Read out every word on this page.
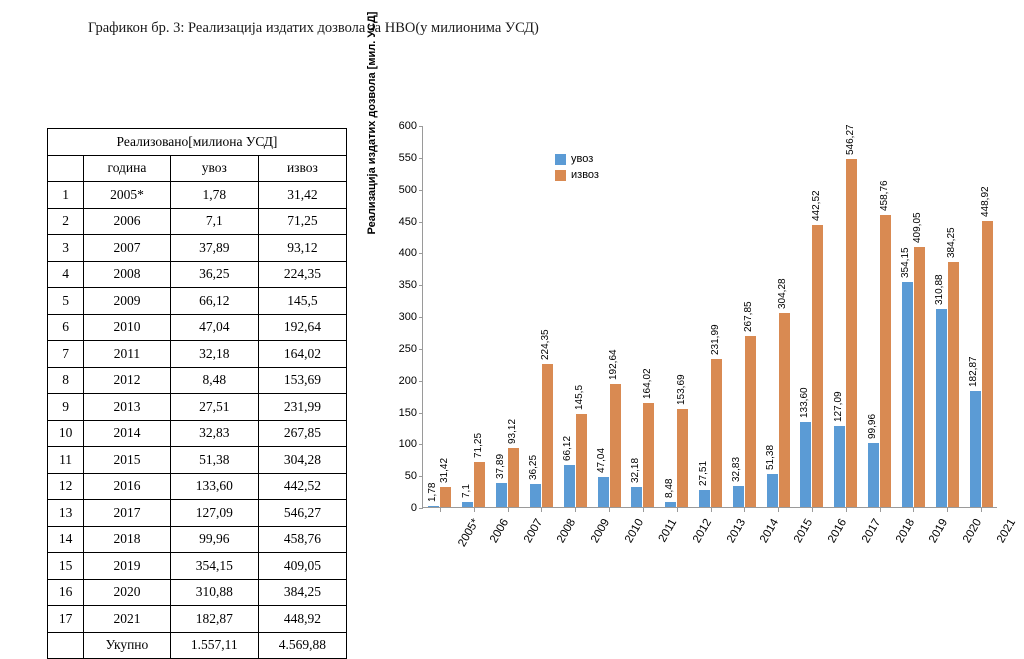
Графикон бр. 3: Реализација издатих дозвола за НВО(у милионима УСД)
Реализовано[милиона УСД]			
	година	увоз	извоз
1	2005*	1,78	31,42
2	2006	7,1	71,25
3	2007	37,89	93,12
4	2008	36,25	224,35
5	2009	66,12	145,5
6	2010	47,04	192,64
7	2011	32,18	164,02
8	2012	8,48	153,69
9	2013	27,51	231,99
10	2014	32,83	267,85
11	2015	51,38	304,28
12	2016	133,60	442,52
13	2017	127,09	546,27
14	2018	99,96	458,76
15	2019	354,15	409,05
16	2020	310,88	384,25
17	2021	182,87	448,92
	Укупно	1.557,11	4.569,88
Реализација издатих дозвола [мил. УСД]
0
50
100
150
200
250
300
350
400
450
500
550
600
1,78
31,42
2005*
7,1
71,25
2006
37,89
93,12
2007
36,25
224,35
2008
66,12
145,5
2009
47,04
192,64
2010
32,18
164,02
2011
8,48
153,69
2012
27,51
231,99
2013
32,83
267,85
2014
51,38
304,28
2015
133,60
442,52
2016
127,09
546,27
2017
99,96
458,76
2018
354,15
409,05
2019
310,88
384,25
2020
182,87
448,92
2021
увоз
извоз
